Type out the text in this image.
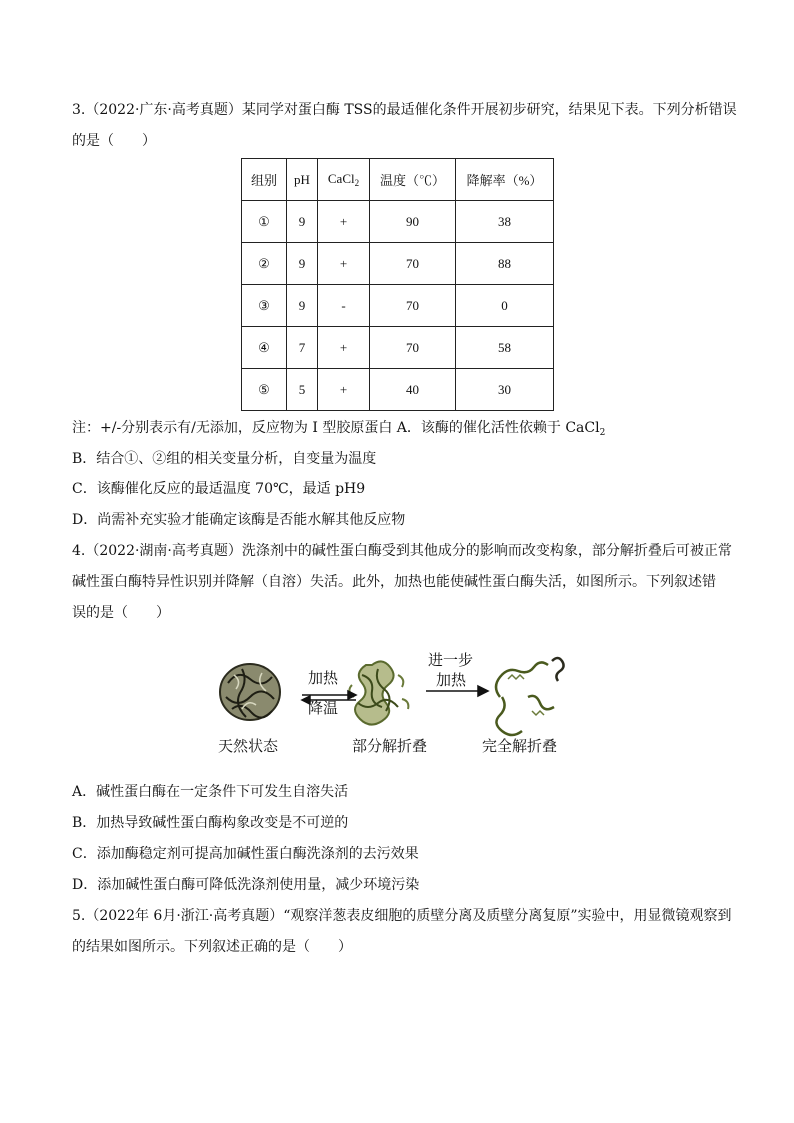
3.（2022·广东·高考真题）某同学对蛋白酶 TSS的最适催化条件开展初步研究，结果见下表。下列分析错误
的是（　　）
组别	pH	CaCl$_2$	温度（℃）	降解率（%）
①	9	+	90	38
②	9	+	70	88
③	9	-	70	0
④	7	+	70	58
⑤	5	+	40	30
注：+/-分别表示有/无添加，反应物为 I 型胶原蛋白 A．该酶的催化活性依赖于 CaCl$_2$
B．结合①、②组的相关变量分析，自变量为温度
C．该酶催化反应的最适温度 70℃，最适 pH9
D．尚需补充实验才能确定该酶是否能水解其他反应物
4.（2022·湖南·高考真题）洗涤剂中的碱性蛋白酶受到其他成分的影响而改变构象，部分解折叠后可被正常
碱性蛋白酶特异性识别并降解（自溶）失活。此外，加热也能使碱性蛋白酶失活，如图所示。下列叙述错
误的是（　　）
加热
降温
进一步
加热
天然状态	部分解折叠	完全解折叠
A．碱性蛋白酶在一定条件下可发生自溶失活
B．加热导致碱性蛋白酶构象改变是不可逆的
C．添加酶稳定剂可提高加碱性蛋白酶洗涤剂的去污效果
D．添加碱性蛋白酶可降低洗涤剂使用量，减少环境污染
5.（2022年 6月·浙江·高考真题）“观察洋葱表皮细胞的质壁分离及质壁分离复原”实验中，用显微镜观察到
的结果如图所示。下列叙述正确的是（　　）
